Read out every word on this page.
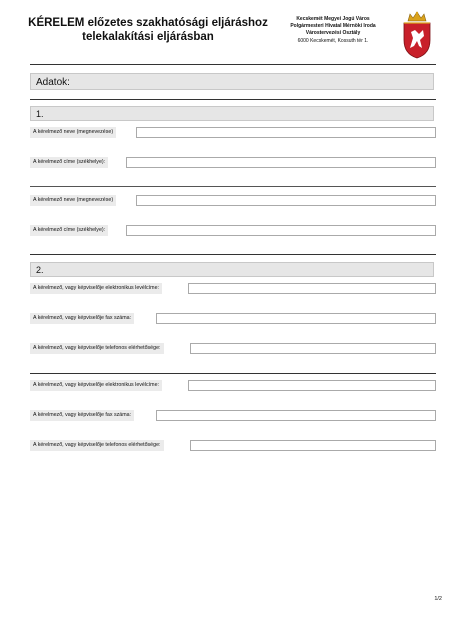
KÉRELEM előzetes szakhatósági eljáráshoz
telekalakítási eljárásban
Kecskemét Megyei Jogú Város
Polgármesteri Hivatal Mérnöki Iroda
Várostervezési Osztály
6000 Kecskemét, Kossuth tér 1.
Adatok:
1.
A kérelmező neve (megnevezése)
A kérelmező címe (székhelye):
A kérelmező neve (megnevezése)
A kérelmező címe (székhelye):
2.
A kérelmező, vagy képviselője elektronikus levélcíme:
A kérelmező, vagy képviselője fax száma:
A kérelmező, vagy képviselője telefonos elérhetősége:
A kérelmező, vagy képviselője elektronikus levélcíme:
A kérelmező, vagy képviselője fax száma:
A kérelmező, vagy képviselője telefonos elérhetősége:
1/2
